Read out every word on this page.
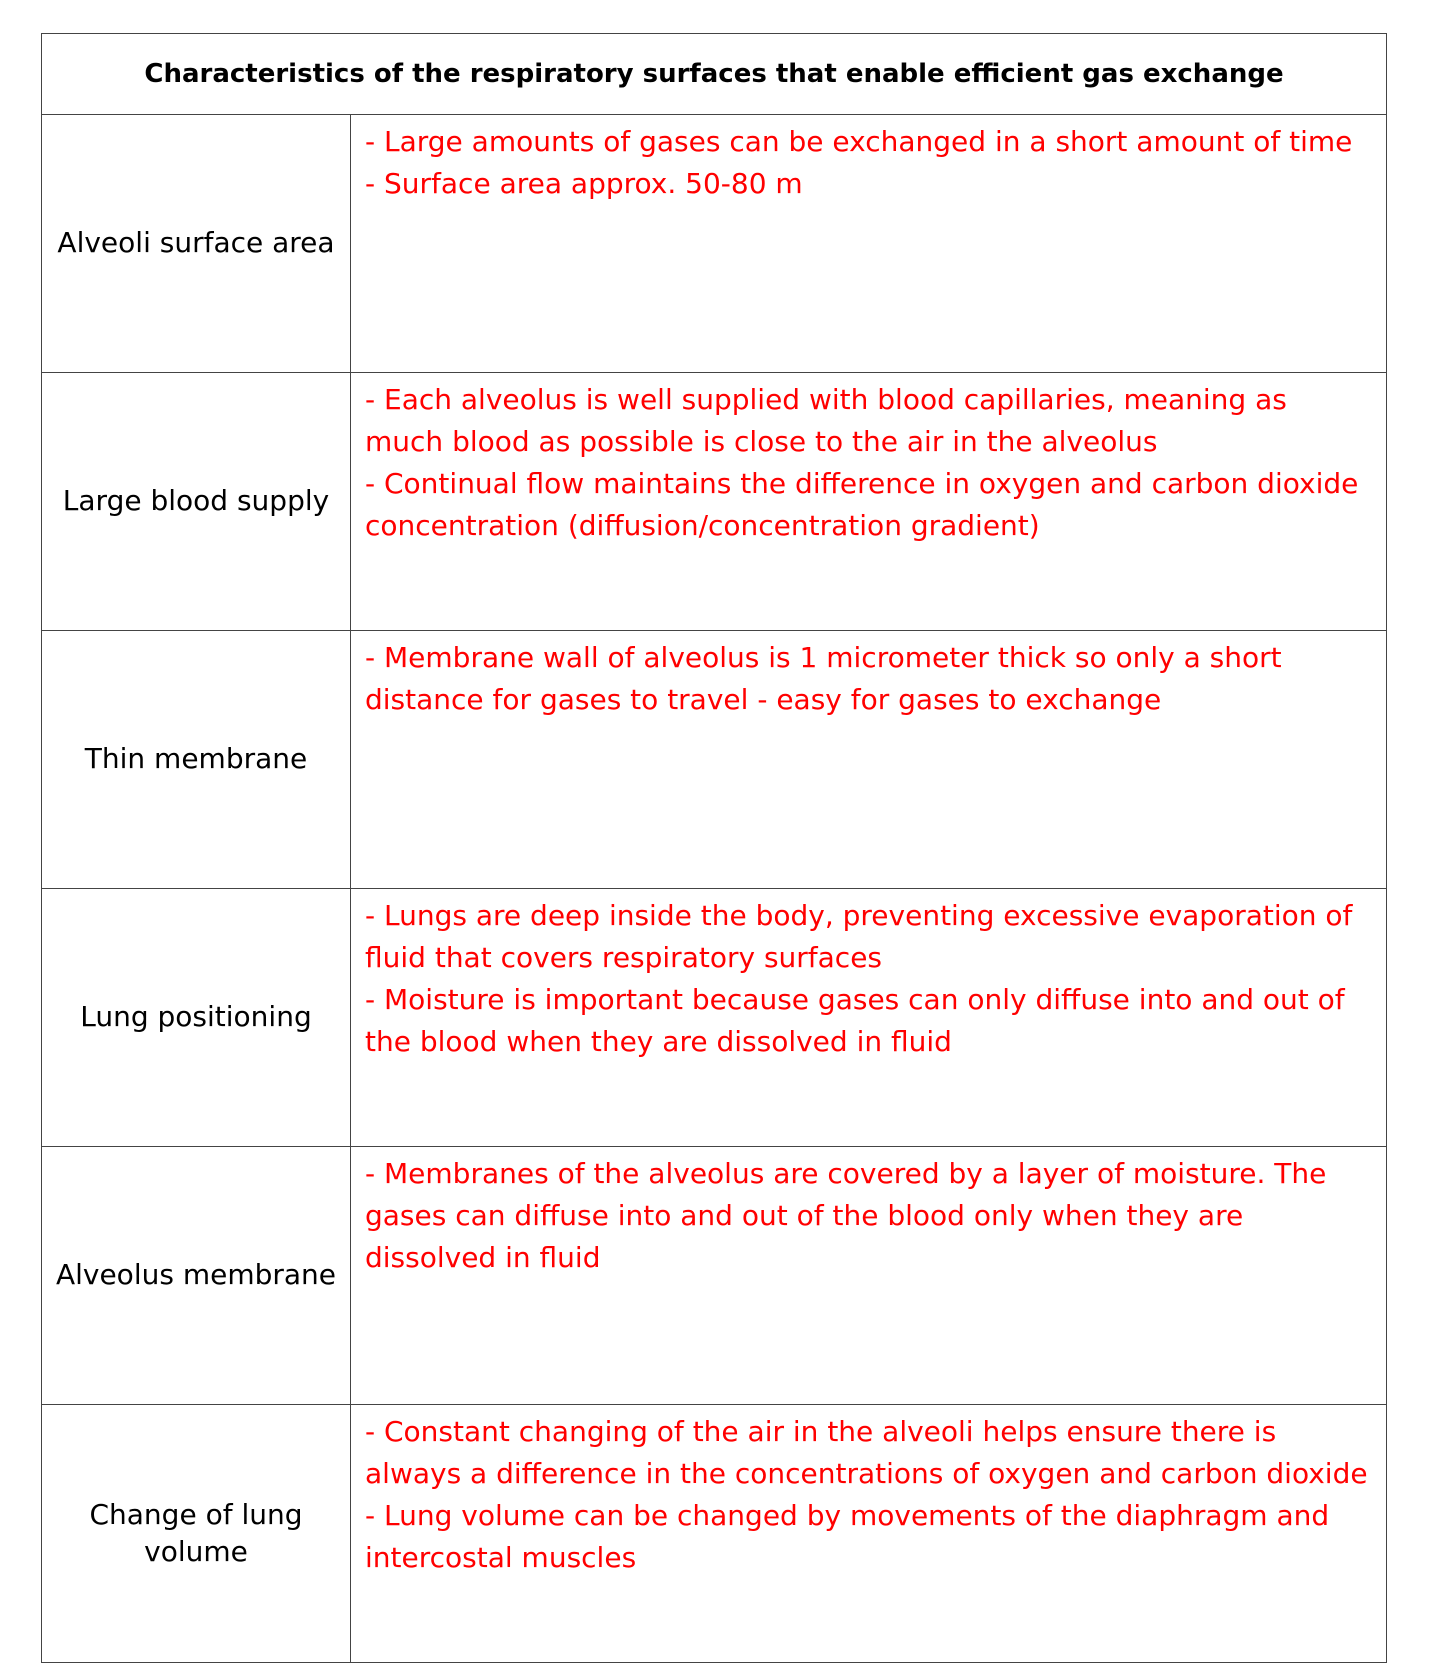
Characteristics of the respiratory surfaces that enable efficient gas exchange	
Alveoli surface area	- Large amounts of gases can be exchanged in a short amount of time
- Surface area approx. 50-80 m

Large blood supply	- Each alveolus is well supplied with blood capillaries, meaning as much blood as possible is close to the air in the alveolus
- Continual flow maintains the difference in oxygen and carbon dioxide concentration (diffusion/concentration gradient)

Thin membrane	- Membrane wall of alveolus is 1 micrometer thick so only a short distance for gases to travel - easy for gases to exchange

Lung positioning	- Lungs are deep inside the body, preventing excessive evaporation of fluid that covers respiratory surfaces
- Moisture is important because gases can only diffuse into and out of the blood when they are dissolved in fluid

Alveolus membrane	- Membranes of the alveolus are covered by a layer of moisture. The gases can diffuse into and out of the blood only when they are dissolved in fluid

Change of lung volume	- Constant changing of the air in the alveoli helps ensure there is always a difference in the concentrations of oxygen and carbon dioxide
- Lung volume can be changed by movements of the diaphragm and intercostal muscles
